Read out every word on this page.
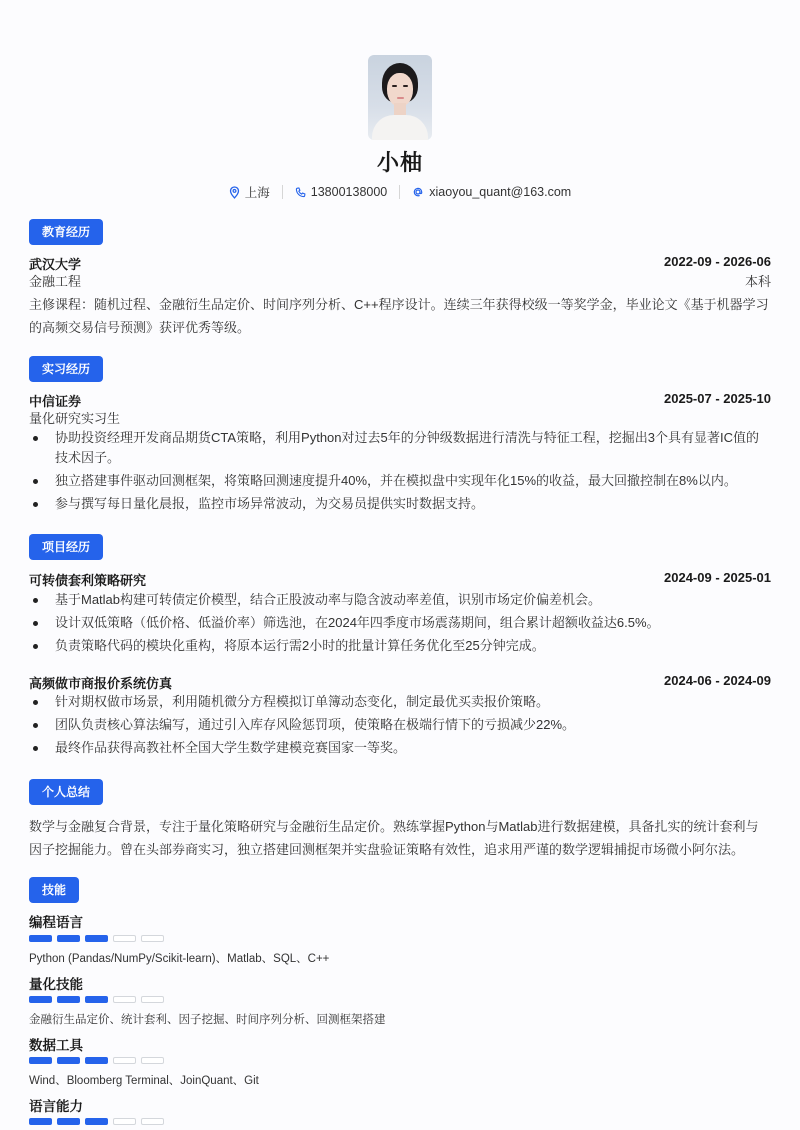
小柚
上海	13800138000	xiaoyou_quant@163.com
教育经历
武汉大学	2022-09 - 2026-06
金融工程	本科
主修课程：随机过程、金融衍生品定价、时间序列分析、C++程序设计。连续三年获得校级一等奖学金，毕业论文《基于机器学习的高频交易信号预测》获评优秀等级。
实习经历
中信证券	2025-07 - 2025-10
量化研究实习生
协助投资经理开发商品期货CTA策略，利用Python对过去5年的分钟级数据进行清洗与特征工程，挖掘出3个具有显著IC值的技术因子。
独立搭建事件驱动回测框架，将策略回测速度提升40%，并在模拟盘中实现年化15%的收益，最大回撤控制在8%以内。
参与撰写每日量化晨报，监控市场异常波动，为交易员提供实时数据支持。
项目经历
可转债套利策略研究	2024-09 - 2025-01
基于Matlab构建可转债定价模型，结合正股波动率与隐含波动率差值，识别市场定价偏差机会。
设计双低策略（低价格、低溢价率）筛选池，在2024年四季度市场震荡期间，组合累计超额收益达6.5%。
负责策略代码的模块化重构，将原本运行需2小时的批量计算任务优化至25分钟完成。
高频做市商报价系统仿真	2024-06 - 2024-09
针对期权做市场景，利用随机微分方程模拟订单簿动态变化，制定最优买卖报价策略。
团队负责核心算法编写，通过引入库存风险惩罚项，使策略在极端行情下的亏损减少22%。
最终作品获得高教社杯全国大学生数学建模竞赛国家一等奖。
个人总结
数学与金融复合背景，专注于量化策略研究与金融衍生品定价。熟练掌握Python与Matlab进行数据建模，具备扎实的统计套利与因子挖掘能力。曾在头部券商实习，独立搭建回测框架并实盘验证策略有效性，追求用严谨的数学逻辑捕捉市场微小阿尔法。
技能
编程语言
Python (Pandas/NumPy/Scikit-learn)、Matlab、SQL、C++
量化技能
金融衍生品定价、统计套利、因子挖掘、时间序列分析、回测框架搭建
数据工具
Wind、Bloomberg Terminal、JoinQuant、Git
语言能力
